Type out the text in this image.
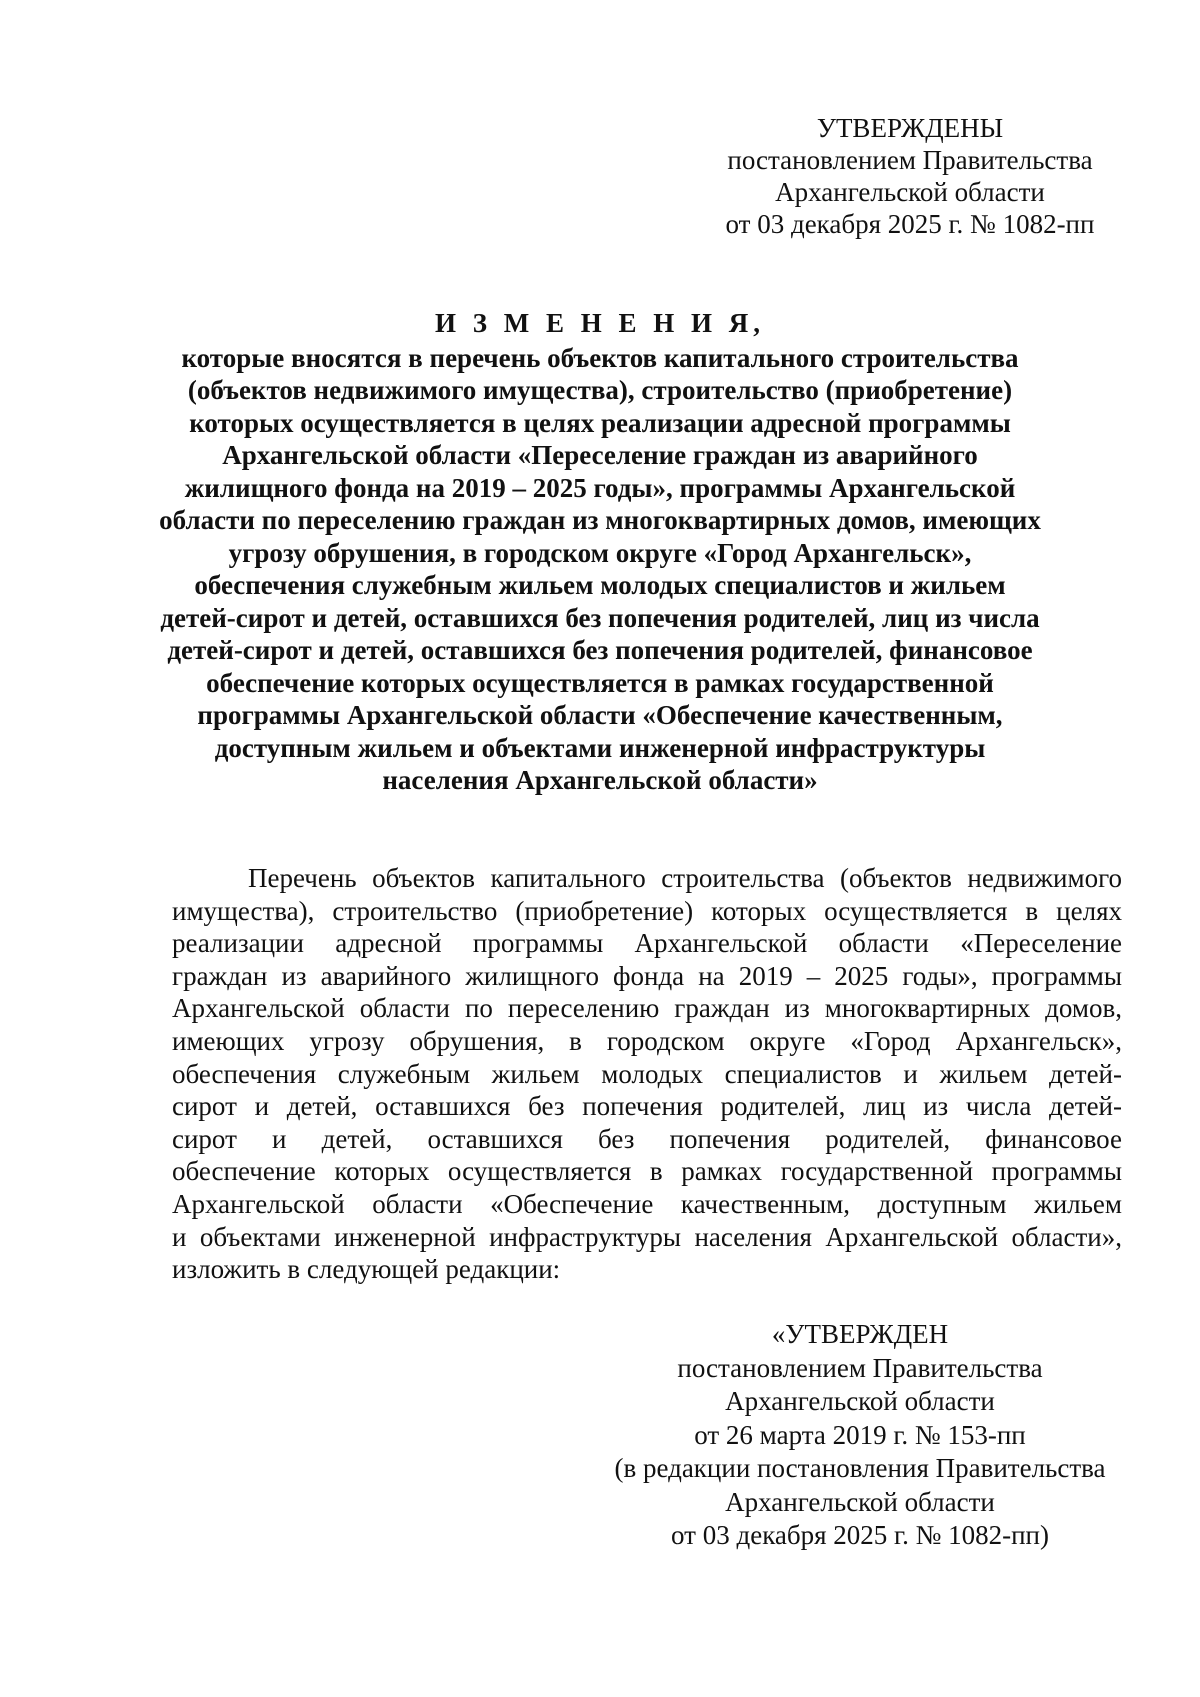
УТВЕРЖДЕНЫ
постановлением Правительства
Архангельской области
от 03 декабря 2025 г. № 1082-пп
И З М Е Н Е Н И Я,
которые вносятся в перечень объектов капитального строительства
(объектов недвижимого имущества), строительство (приобретение)
которых осуществляется в целях реализации адресной программы
Архангельской области «Переселение граждан из аварийного
жилищного фонда на 2019 – 2025 годы», программы Архангельской
области по переселению граждан из многоквартирных домов, имеющих
угрозу обрушения, в городском округе «Город Архангельск»,
обеспечения служебным жильем молодых специалистов и жильем
детей-сирот и детей, оставшихся без попечения родителей, лиц из числа
детей-сирот и детей, оставшихся без попечения родителей, финансовое
обеспечение которых осуществляется в рамках государственной
программы Архангельской области «Обеспечение качественным,
доступным жильем и объектами инженерной инфраструктуры
населения Архангельской области»
Перечень объектов капитального строительства (объектов недвижимого
имущества), строительство (приобретение) которых осуществляется в целях
реализации адресной программы Архангельской области «Переселение
граждан из аварийного жилищного фонда на 2019 – 2025 годы», программы
Архангельской области по переселению граждан из многоквартирных домов,
имеющих угрозу обрушения, в городском округе «Город Архангельск»,
обеспечения служебным жильем молодых специалистов и жильем детей-
сирот и детей, оставшихся без попечения родителей, лиц из числа детей-
сирот и детей, оставшихся без попечения родителей, финансовое
обеспечение которых осуществляется в рамках государственной программы
Архангельской области «Обеспечение качественным, доступным жильем
и объектами инженерной инфраструктуры населения Архангельской области»,
изложить в следующей редакции:
«УТВЕРЖДЕН
постановлением Правительства
Архангельской области
от 26 марта 2019 г. № 153-пп
(в редакции постановления Правительства
Архангельской области
от 03 декабря 2025 г. № 1082-пп)
